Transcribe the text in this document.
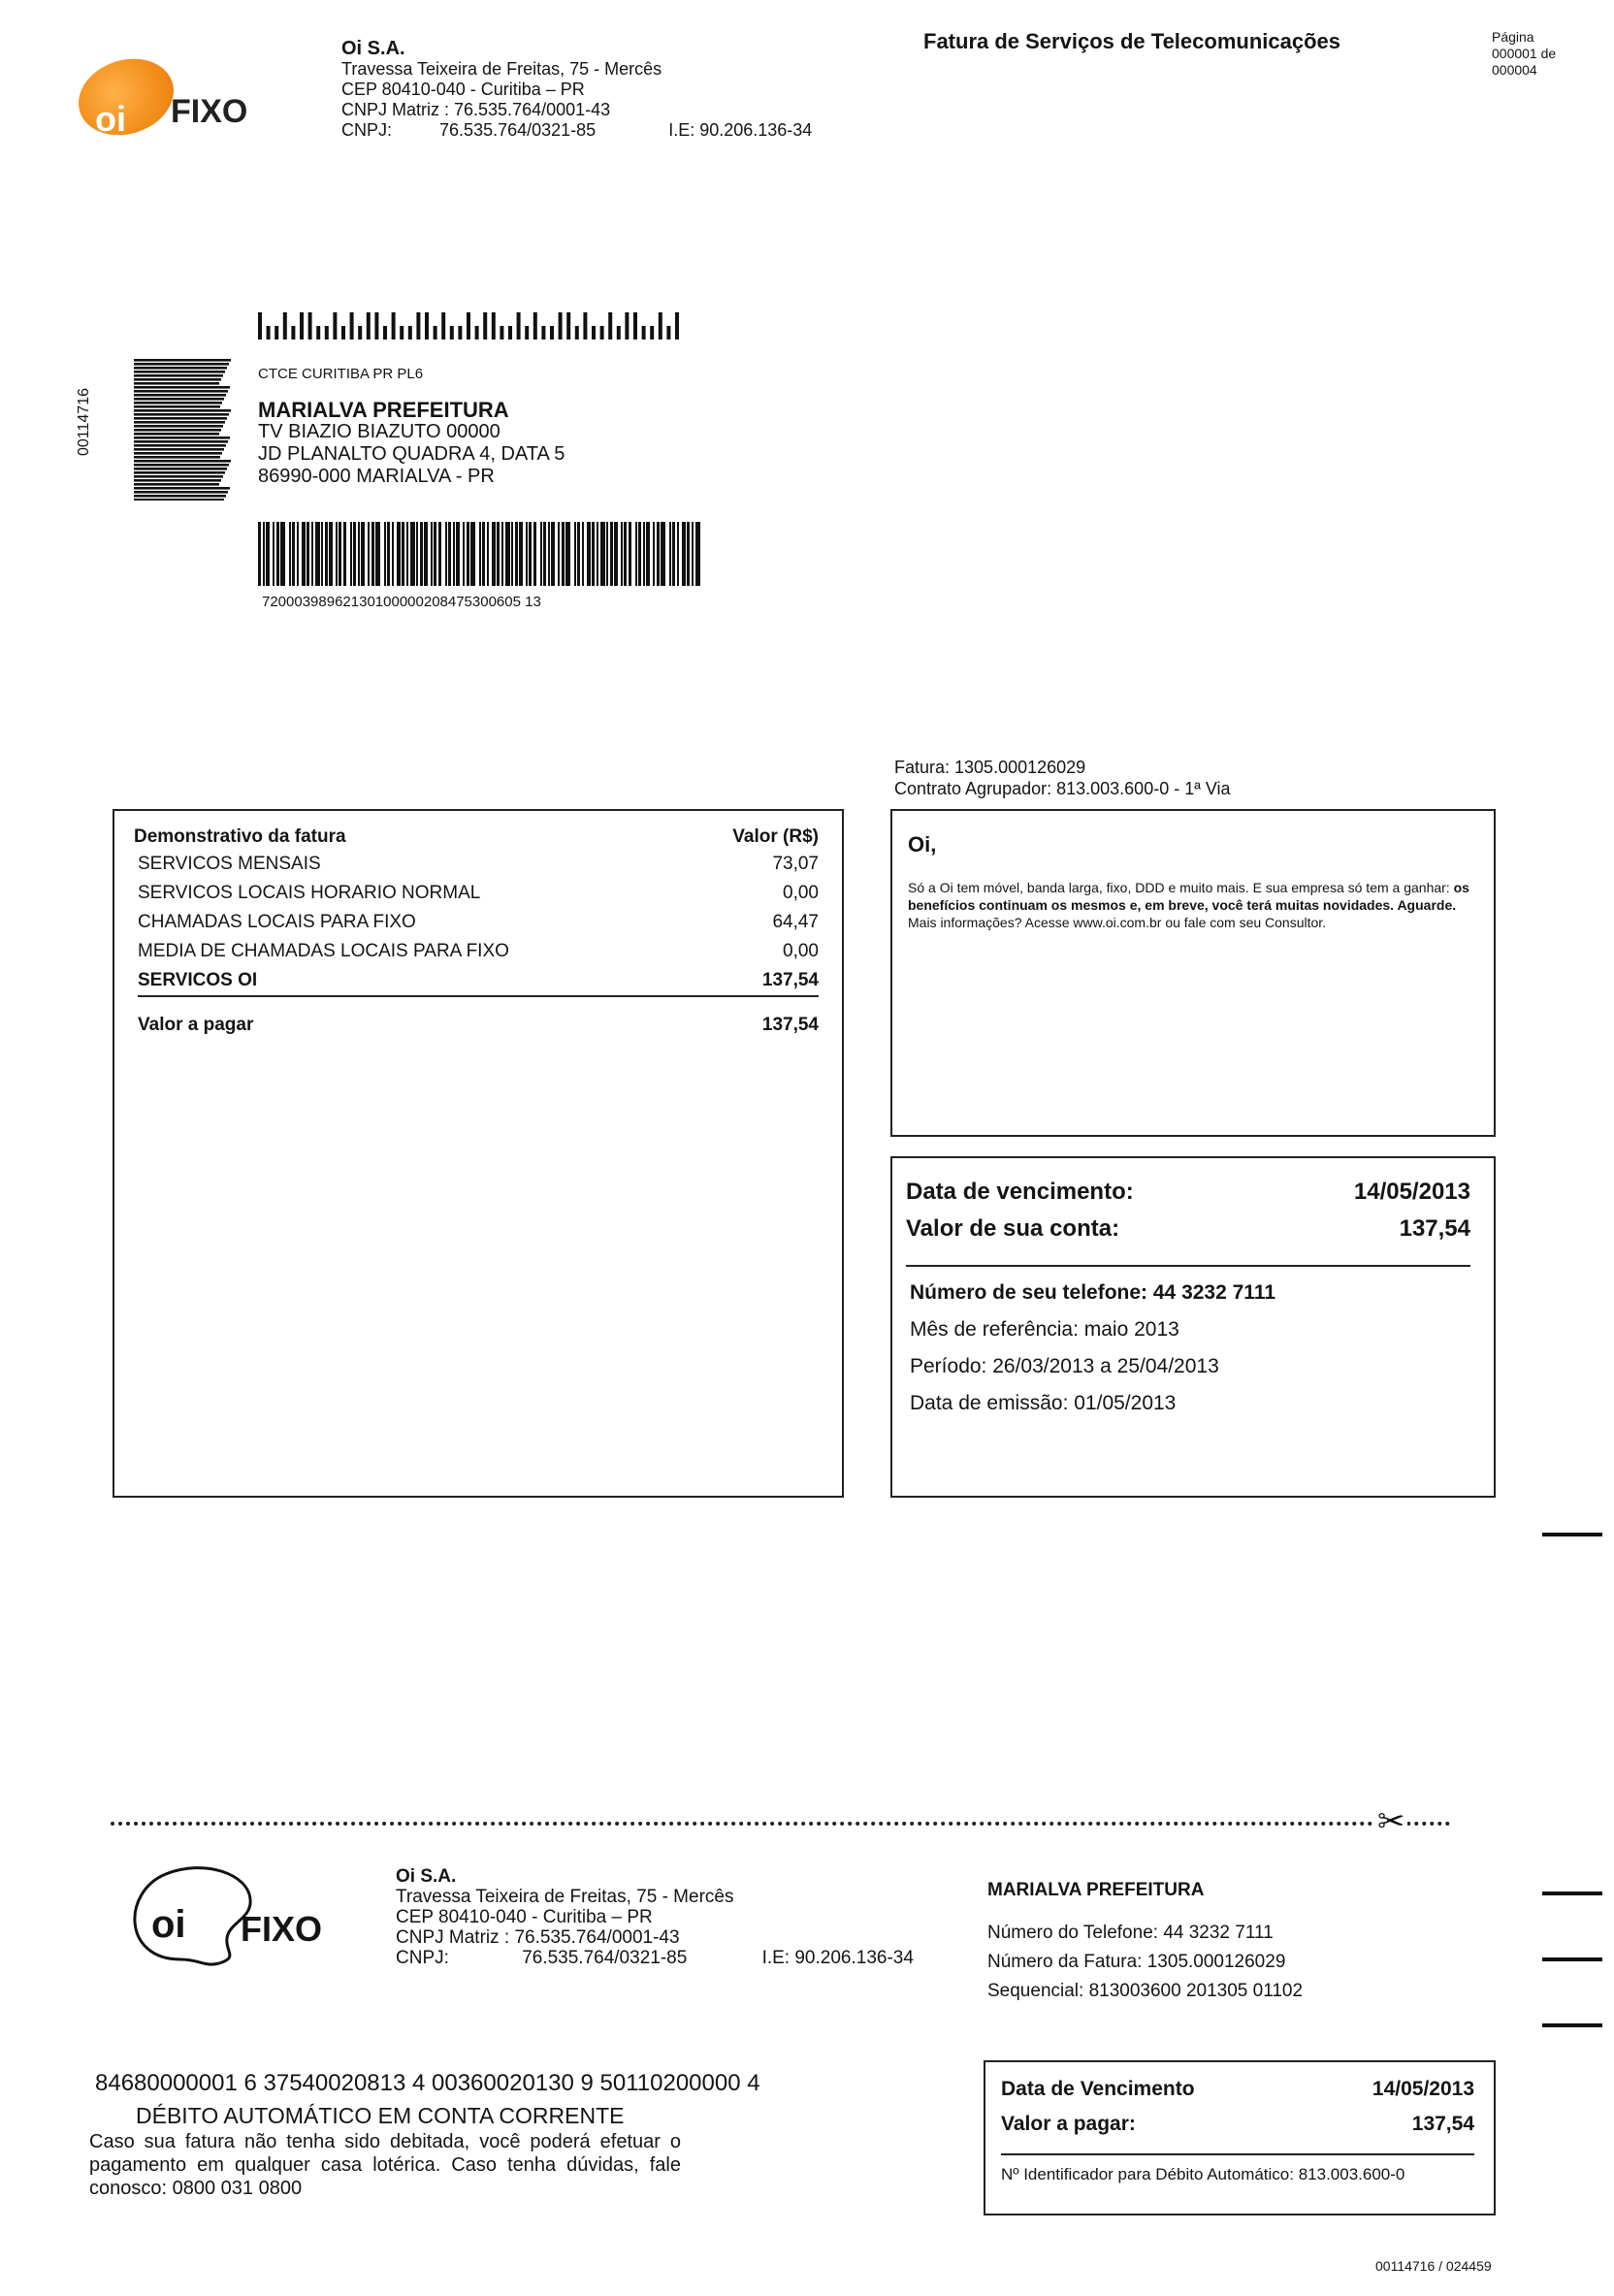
oi FIXO
Oi S.A.
Travessa Teixeira de Freitas, 75 - Mercês
CEP 80410-040 - Curitiba – PR
CNPJ Matriz : 76.535.764/0001-43
CNPJ:	76.535.764/0321-85	I.E: 90.206.136-34
Fatura de Serviços de Telecomunicações	Página
000001 de
000004
00114716
CTCE CURITIBA PR PL6
MARIALVA PREFEITURA
TV BIAZIO BIAZUTO 00000
JD PLANALTO QUADRA 4, DATA 5
86990-000 MARIALVA - PR
72000398962130100000208475300605 13
Fatura: 1305.000126029
Contrato Agrupador: 813.003.600-0 - 1ª Via
Demonstrativo da fatura	Valor (R$)
SERVICOS MENSAIS	73,07
SERVICOS LOCAIS HORARIO NORMAL	0,00
CHAMADAS LOCAIS PARA FIXO	64,47
MEDIA DE CHAMADAS LOCAIS PARA FIXO	0,00
SERVICOS OI	137,54
Valor a pagar	137,54
Oi,
Só a Oi tem móvel, banda larga, fixo, DDD e muito mais. E sua empresa só tem a ganhar: os benefícios continuam os mesmos e, em breve, você terá muitas novidades. Aguarde.
Mais informações? Acesse www.oi.com.br ou fale com seu Consultor.
Data de vencimento:	14/05/2013
Valor de sua conta:	137,54
Número de seu telefone: 44 3232 7111
Mês de referência: maio 2013
Período: 26/03/2013 a 25/04/2013
Data de emissão: 01/05/2013
✂
oi FIXO
Oi S.A.
Travessa Teixeira de Freitas, 75 - Mercês
CEP 80410-040 - Curitiba – PR
CNPJ Matriz : 76.535.764/0001-43
CNPJ:	76.535.764/0321-85	I.E: 90.206.136-34
MARIALVA PREFEITURA
Número do Telefone: 44 3232 7111
Número da Fatura: 1305.000126029
Sequencial: 813003600 201305 01102
84680000001 6 37540020813 4 00360020130 9 50110200000 4
DÉBITO AUTOMÁTICO EM CONTA CORRENTE
Caso sua fatura não tenha sido debitada, você poderá efetuar o pagamento em qualquer casa lotérica. Caso tenha dúvidas, fale conosco: 0800 031 0800
Data de Vencimento	14/05/2013
Valor a pagar:	137,54
Nº Identificador para Débito Automático: 813.003.600-0
00114716 / 024459
